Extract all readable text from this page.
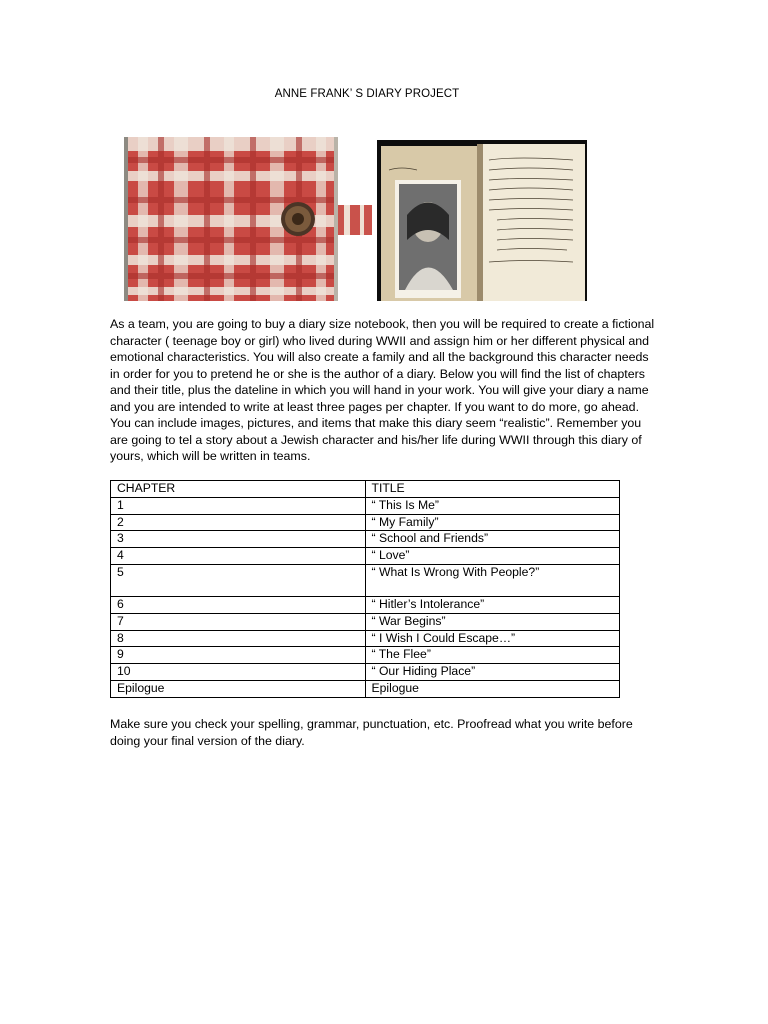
ANNE FRANK’ S DIARY PROJECT

As a team, you are going to buy a diary size notebook, then you will be required to create a fictional character ( teenage boy or girl) who lived during WWII and assign him or her different physical and emotional characteristics. You will also create a family and all the background this character needs in order for you to pretend he or she is the author of a diary. Below you will find the list of chapters and their title, plus the dateline in which you will hand in your work. You will give your diary a name and you are intended to write at least three pages per chapter. If you want to do more, go ahead. You can include images, pictures, and items that make this diary seem “realistic”. Remember you are going to tel a story about a Jewish character and his/her life during WWII through this diary of yours, which will be written in teams.

CHAPTER	TITLE
1	“ This Is Me”
2	“ My Family”
3	“ School and Friends”
4	“ Love”
5	“ What Is Wrong With People?”
6	“ Hitler’s Intolerance”
7	“ War Begins”
8	“ I Wish I Could Escape…”
9	“ The Flee”
10	“ Our Hiding Place”
Epilogue	Epilogue

Make sure you check your spelling, grammar, punctuation, etc. Proofread what you write before doing your final version of the diary.
